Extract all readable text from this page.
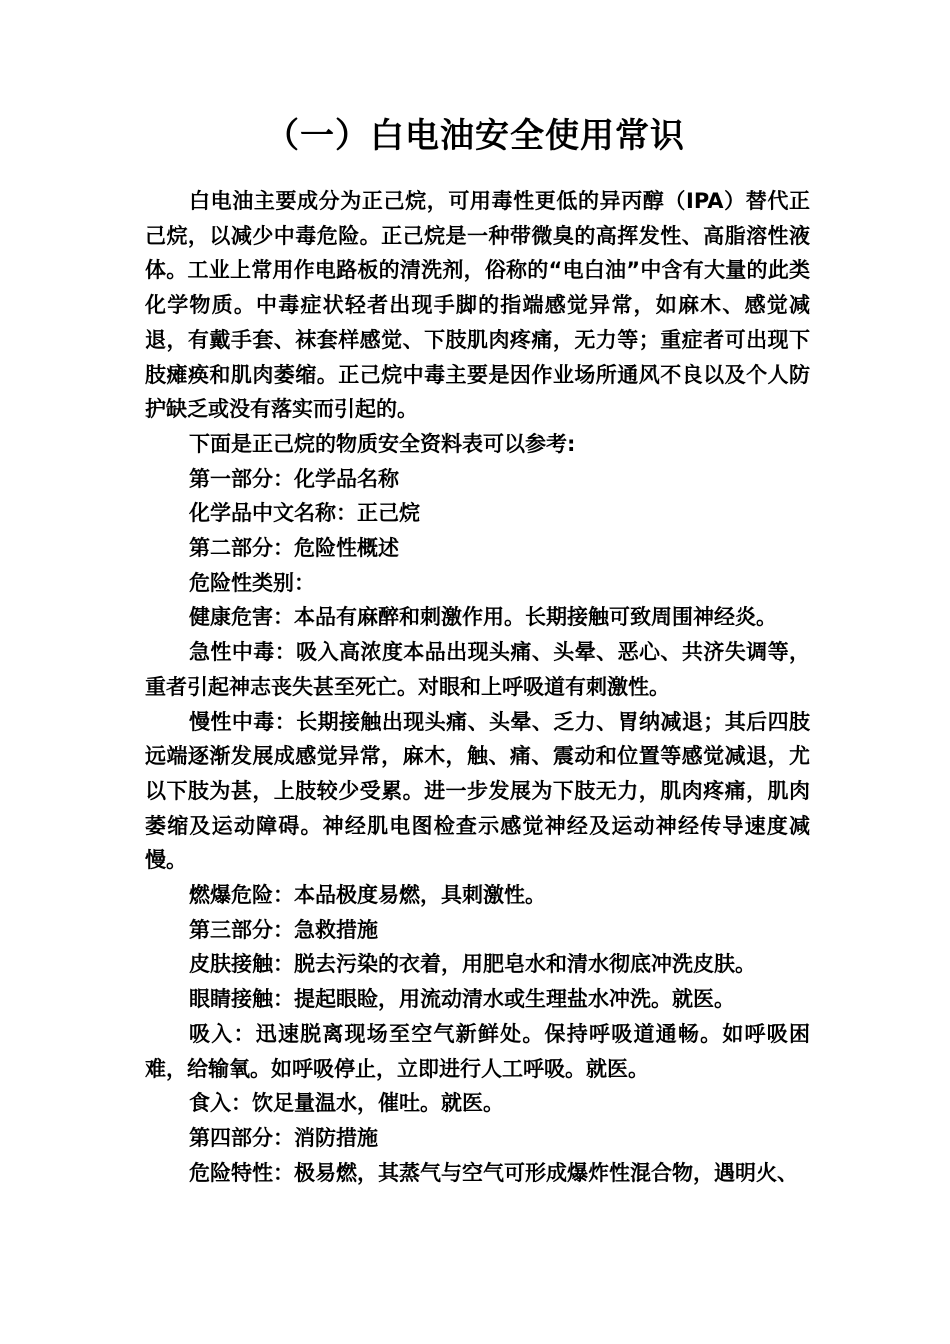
（一）白电油安全使用常识

白电油主要成分为正己烷，可用毒性更低的异丙醇（IPA）替代正己烷，以减少中毒危险。正己烷是一种带微臭的高挥发性、高脂溶性液体。工业上常用作电路板的清洗剂，俗称的“电白油”中含有大量的此类化学物质。中毒症状轻者出现手脚的指端感觉异常，如麻木、感觉减退，有戴手套、袜套样感觉、下肢肌肉疼痛，无力等；重症者可出现下肢瘫痪和肌肉萎缩。正己烷中毒主要是因作业场所通风不良以及个人防护缺乏或没有落实而引起的。

下面是正己烷的物质安全资料表可以参考:

第一部分：化学品名称

化学品中文名称：正己烷

第二部分：危险性概述

危险性类别：

健康危害：本品有麻醉和刺激作用。长期接触可致周围神经炎。

急性中毒：吸入高浓度本品出现头痛、头晕、恶心、共济失调等，重者引起神志丧失甚至死亡。对眼和上呼吸道有刺激性。

慢性中毒：长期接触出现头痛、头晕、乏力、胃纳减退；其后四肢远端逐渐发展成感觉异常，麻木，触、痛、震动和位置等感觉减退，尤以下肢为甚，上肢较少受累。进一步发展为下肢无力，肌肉疼痛，肌肉萎缩及运动障碍。神经肌电图检查示感觉神经及运动神经传导速度减慢。

燃爆危险：本品极度易燃，具刺激性。

第三部分：急救措施

皮肤接触：脱去污染的衣着，用肥皂水和清水彻底冲洗皮肤。

眼睛接触：提起眼睑，用流动清水或生理盐水冲洗。就医。

吸入：迅速脱离现场至空气新鲜处。保持呼吸道通畅。如呼吸困难，给输氧。如呼吸停止，立即进行人工呼吸。就医。

食入：饮足量温水，催吐。就医。

第四部分：消防措施

危险特性：极易燃，其蒸气与空气可形成爆炸性混合物，遇明火、
